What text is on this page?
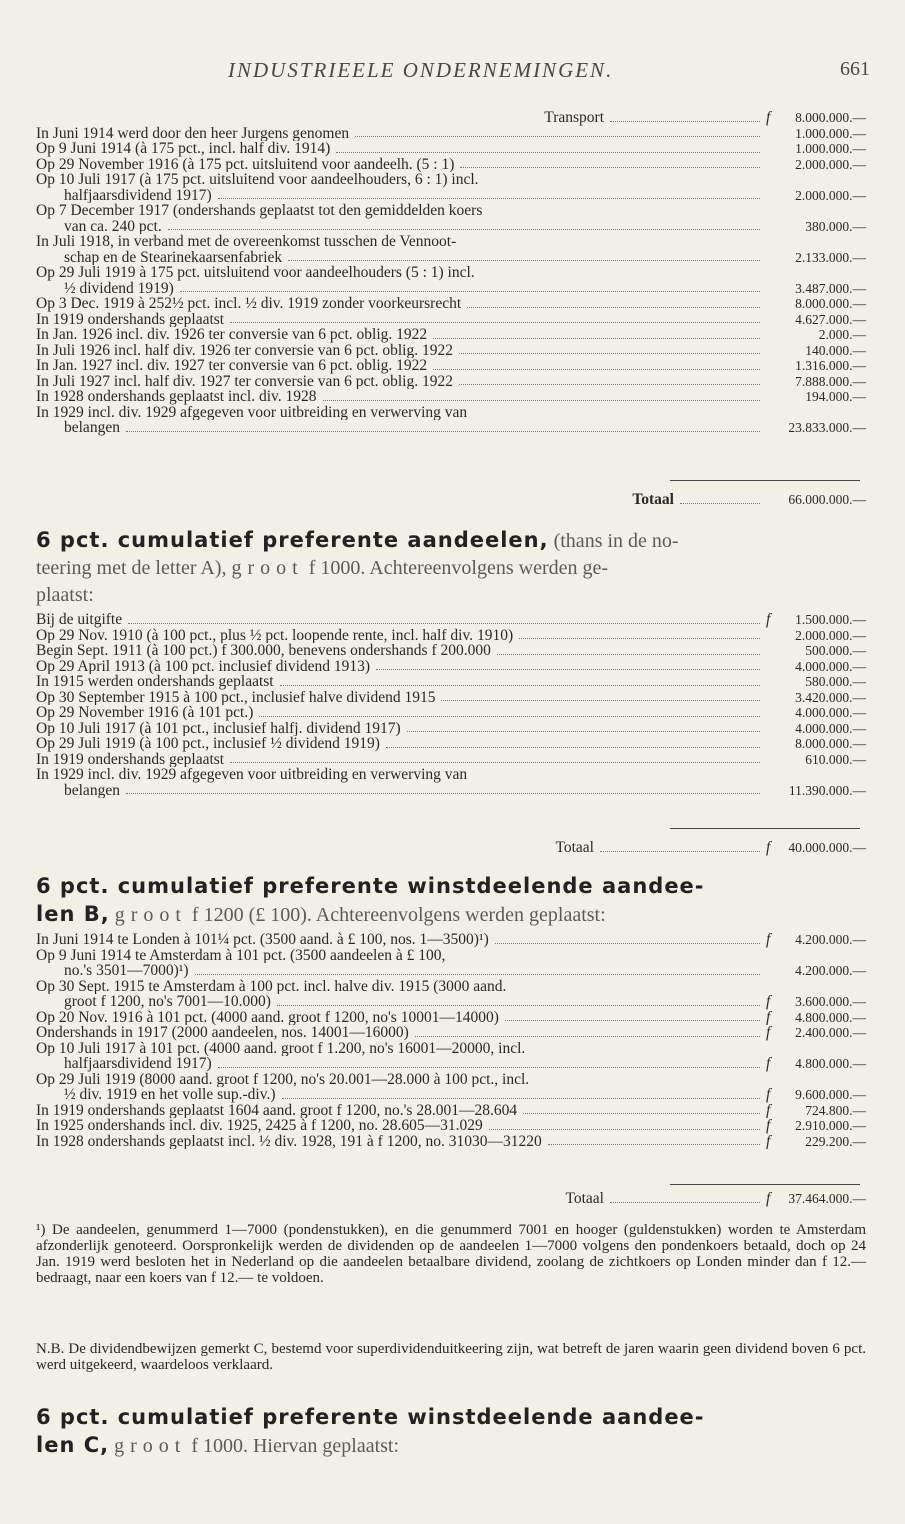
INDUSTRIEELE ONDERNEMINGEN.	661
Transport	f	8.000.000.—
In Juni 1914 werd door den heer Jurgens genomen	1.000.000.—
Op 9 Juni 1914 (à 175 pct., incl. half div. 1914)	1.000.000.—
Op 29 November 1916 (à 175 pct. uitsluitend voor aandeelh. (5 : 1)	2.000.000.—
Op 10 Juli 1917 (à 175 pct. uitsluitend voor aandeelhouders, 6 : 1) incl.
halfjaarsdividend 1917)	2.000.000.—
Op 7 December 1917 (ondershands geplaatst tot den gemiddelden koers
van ca. 240 pct.	380.000.—
In Juli 1918, in verband met de overeenkomst tusschen de Vennoot-
schap en de Stearinekaarsenfabriek	2.133.000.—
Op 29 Juli 1919 à 175 pct. uitsluitend voor aandeelhouders (5 : 1) incl.
½ dividend 1919)	3.487.000.—
Op 3 Dec. 1919 à 252½ pct. incl. ½ div. 1919 zonder voorkeursrecht	8.000.000.—
In 1919 ondershands geplaatst	4.627.000.—
In Jan. 1926 incl. div. 1926 ter conversie van 6 pct. oblig. 1922	2.000.—
In Juli 1926 incl. half div. 1926 ter conversie van 6 pct. oblig. 1922	140.000.—
In Jan. 1927 incl. div. 1927 ter conversie van 6 pct. oblig. 1922	1.316.000.—
In Juli 1927 incl. half div. 1927 ter conversie van 6 pct. oblig. 1922	7.888.000.—
In 1928 ondershands geplaatst incl. div. 1928	194.000.—
In 1929 incl. div. 1929 afgegeven voor uitbreiding en verwerving van
belangen	23.833.000.—
Totaal	66.000.000.—
6 pct. cumulatief preferente aandeelen, (thans in de no-
teering met de letter A), groot f 1000. Achtereenvolgens werden ge-
plaatst:
Bij de uitgifte	f	1.500.000.—
Op 29 Nov. 1910 (à 100 pct., plus ½ pct. loopende rente, incl. half div. 1910)	2.000.000.—
Begin Sept. 1911 (à 100 pct.) f 300.000, benevens ondershands f 200.000	500.000.—
Op 29 April 1913 (à 100 pct. inclusief dividend 1913)	4.000.000.—
In 1915 werden ondershands geplaatst	580.000.—
Op 30 September 1915 à 100 pct., inclusief halve dividend 1915	3.420.000.—
Op 29 November 1916 (à 101 pct.)	4.000.000.—
Op 10 Juli 1917 (à 101 pct., inclusief halfj. dividend 1917)	4.000.000.—
Op 29 Juli 1919 (à 100 pct., inclusief ½ dividend 1919)	8.000.000.—
In 1919 ondershands geplaatst	610.000.—
In 1929 incl. div. 1929 afgegeven voor uitbreiding en verwerving van
belangen	11.390.000.—
Totaal	f	40.000.000.—
6 pct. cumulatief preferente winstdeelende aandee-
len B, groot f 1200 (£ 100). Achtereenvolgens werden geplaatst:
In Juni 1914 te Londen à 101¼ pct. (3500 aand. à £ 100, nos. 1—3500)¹)	f	4.200.000.—
Op 9 Juni 1914 te Amsterdam à 101 pct. (3500 aandeelen à £ 100,
no.'s 3501—7000)¹)	4.200.000.—
Op 30 Sept. 1915 te Amsterdam à 100 pct. incl. halve div. 1915 (3000 aand.
groot f 1200, no's 7001—10.000)	f	3.600.000.—
Op 20 Nov. 1916 à 101 pct. (4000 aand. groot f 1200, no's 10001—14000)	f	4.800.000.—
Ondershands in 1917 (2000 aandeelen, nos. 14001—16000)	f	2.400.000.—
Op 10 Juli 1917 à 101 pct. (4000 aand. groot f 1.200, no's 16001—20000, incl.
halfjaarsdividend 1917)	f	4.800.000.—
Op 29 Juli 1919 (8000 aand. groot f 1200, no's 20.001—28.000 à 100 pct., incl.
½ div. 1919 en het volle sup.-div.)	f	9.600.000.—
In 1919 ondershands geplaatst 1604 aand. groot f 1200, no.'s 28.001—28.604	f	724.800.—
In 1925 ondershands incl. div. 1925, 2425 à f 1200, no. 28.605—31.029	f	2.910.000.—
In 1928 ondershands geplaatst incl. ½ div. 1928, 191 à f 1200, no. 31030—31220	f	229.200.—
Totaal	f	37.464.000.—
¹) De aandeelen, genummerd 1—7000 (pondenstukken), en die genummerd 7001 en hooger (guldenstukken) worden te Amsterdam afzonderlijk genoteerd. Oorspronkelijk werden de dividenden op de aandeelen 1—7000 volgens den pondenkoers betaald, doch op 24 Jan. 1919 werd besloten het in Nederland op die aandeelen betaalbare dividend, zoolang de zichtkoers op Londen minder dan f 12.— bedraagt, naar een koers van f 12.— te voldoen.
N.B. De dividendbewijzen gemerkt C, bestemd voor superdividenduitkeering zijn, wat betreft de jaren waarin geen dividend boven 6 pct. werd uitgekeerd, waardeloos verklaard.
6 pct. cumulatief preferente winstdeelende aandee-
len C, groot f 1000. Hiervan geplaatst:
